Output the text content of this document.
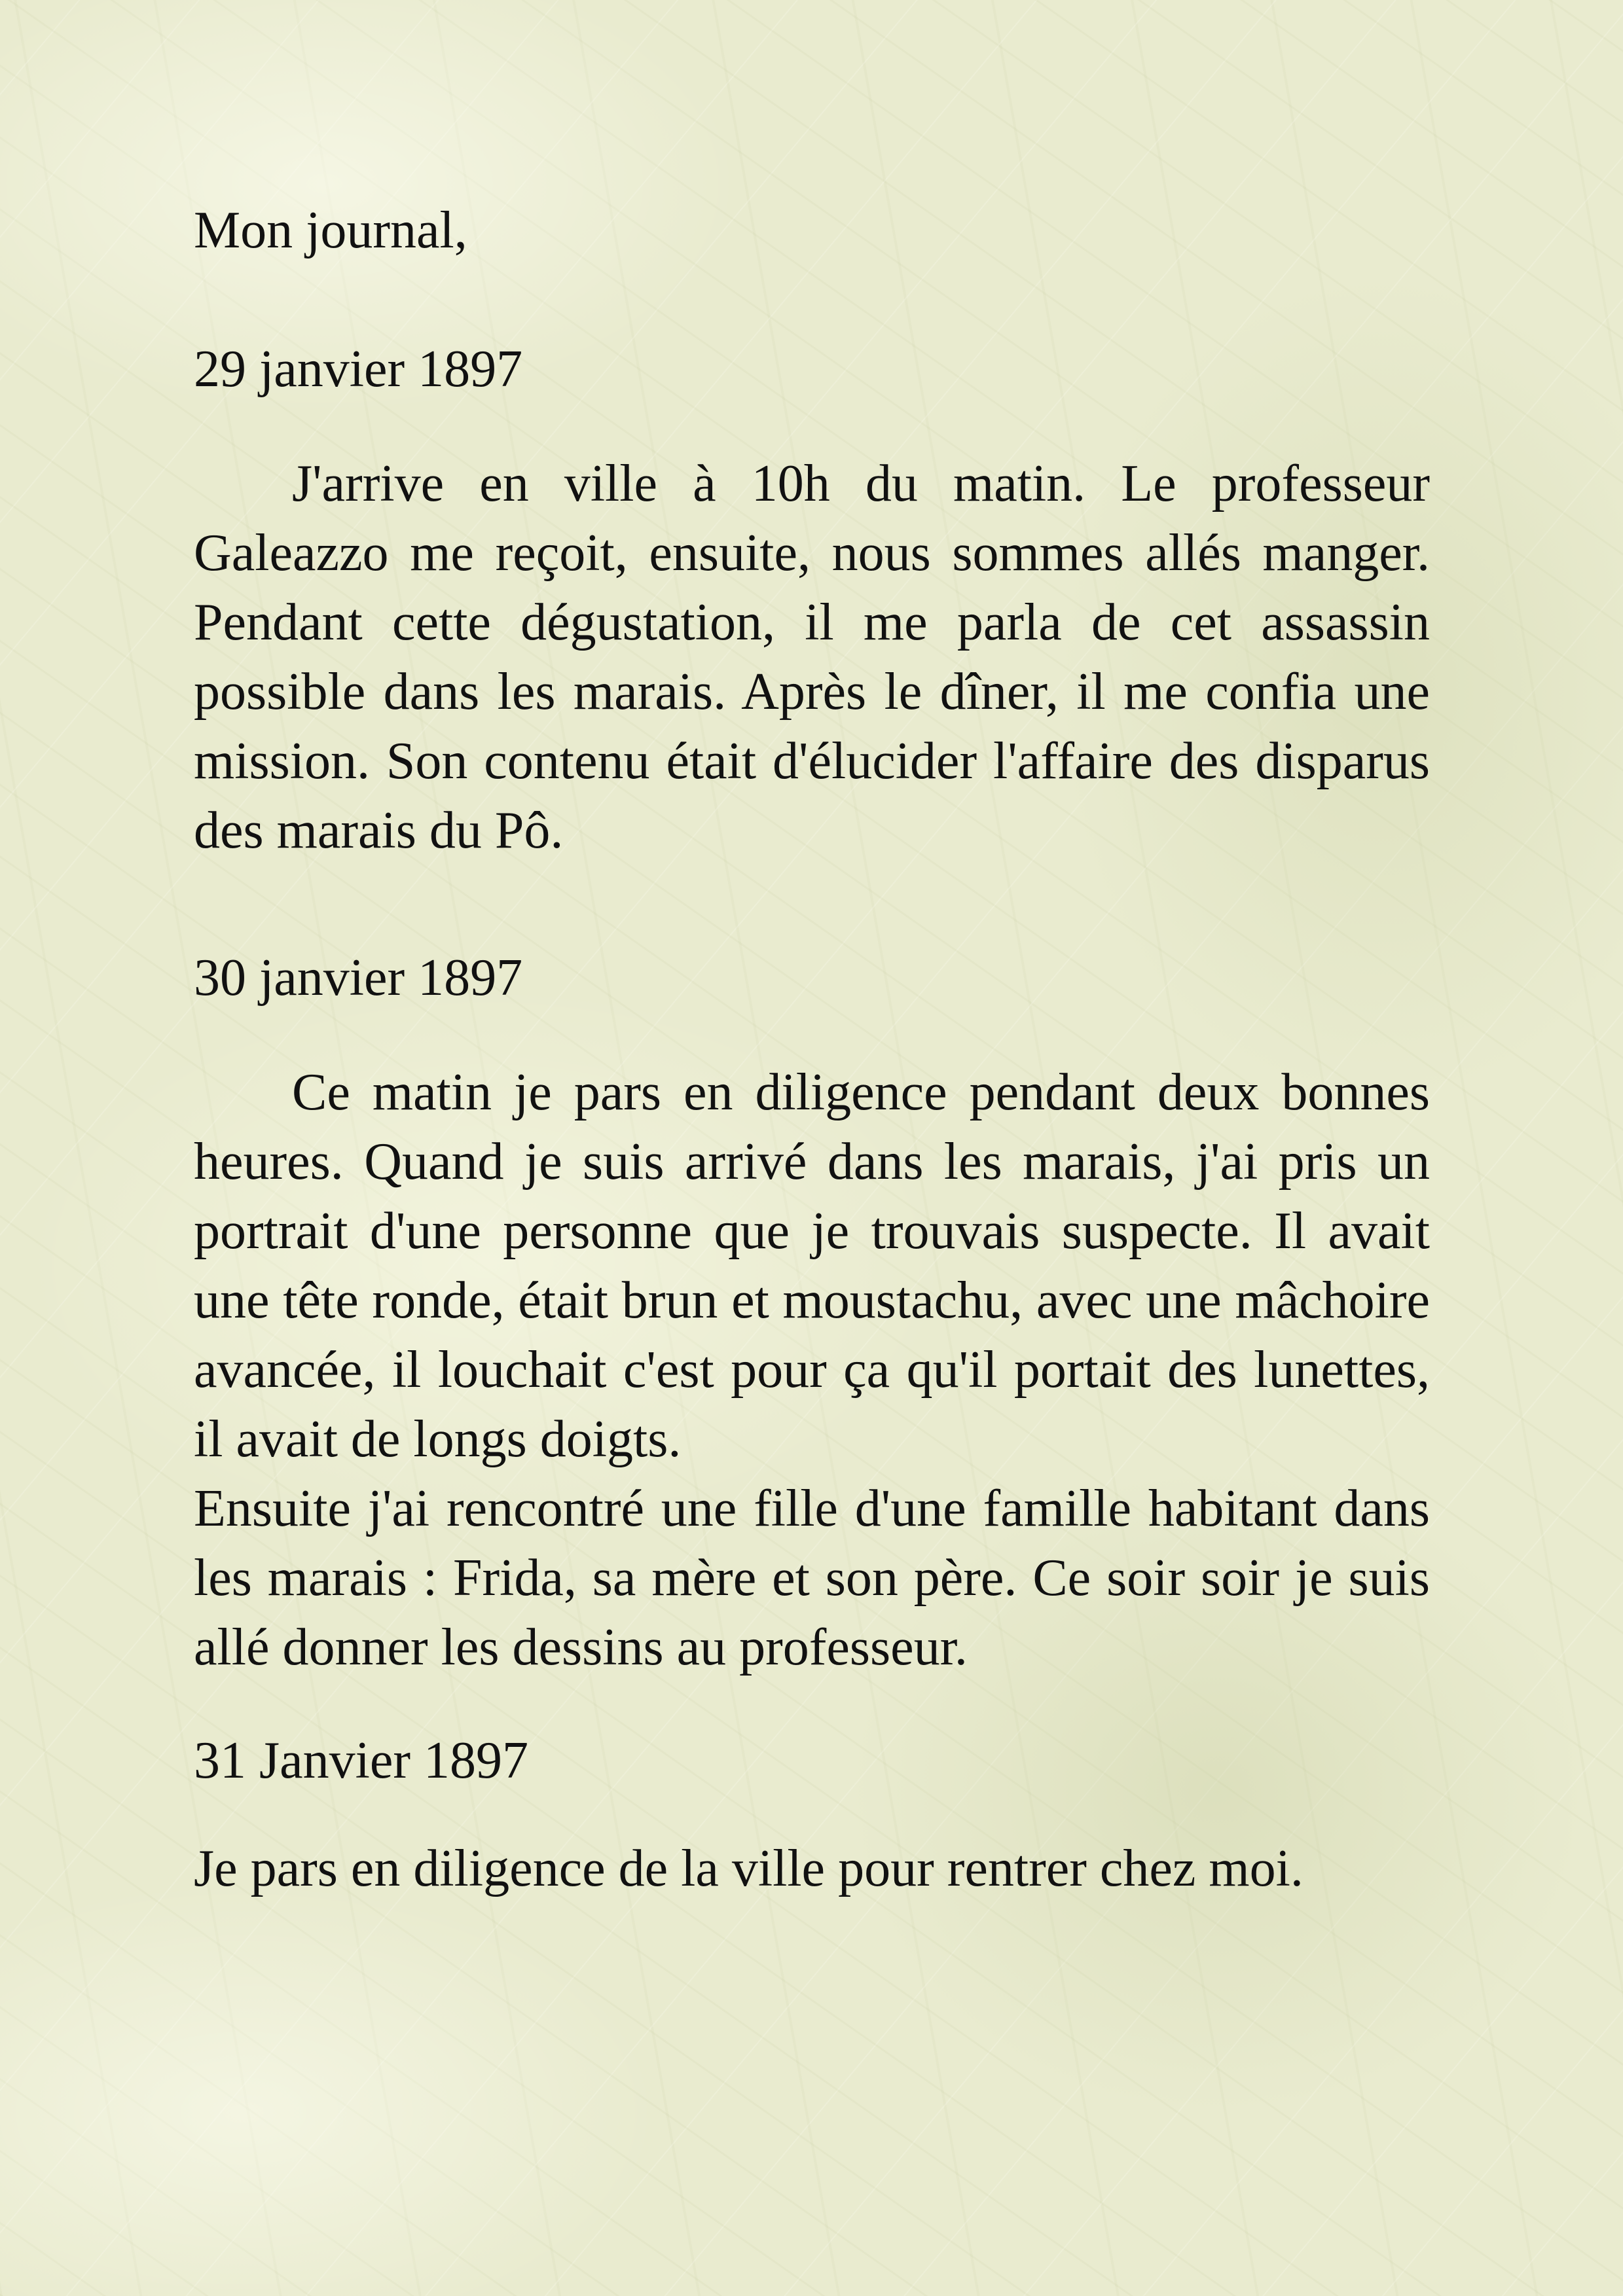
Mon journal,

29 janvier 1897

J'arrive en ville à 10h du matin. Le professeur Galeazzo me reçoit, ensuite, nous sommes allés manger. Pendant cette dégustation, il me parla de cet assassin possible dans les marais. Après le dîner, il me confia une mission. Son contenu était d'élucider l'affaire des disparus des marais du Pô.

30 janvier 1897

Ce matin je pars en diligence pendant deux bonnes heures. Quand je suis arrivé dans les marais, j'ai pris un portrait d'une personne que je trouvais suspecte. Il avait une tête ronde, était brun et moustachu, avec une mâchoire avancée, il louchait c'est pour ça qu'il portait des lunettes, il avait de longs doigts.

Ensuite j'ai rencontré une fille d'une famille habitant dans les marais : Frida, sa mère et son père. Ce soir soir je suis allé donner les dessins au professeur.

31 Janvier 1897

Je pars en diligence de la ville pour rentrer chez moi.
